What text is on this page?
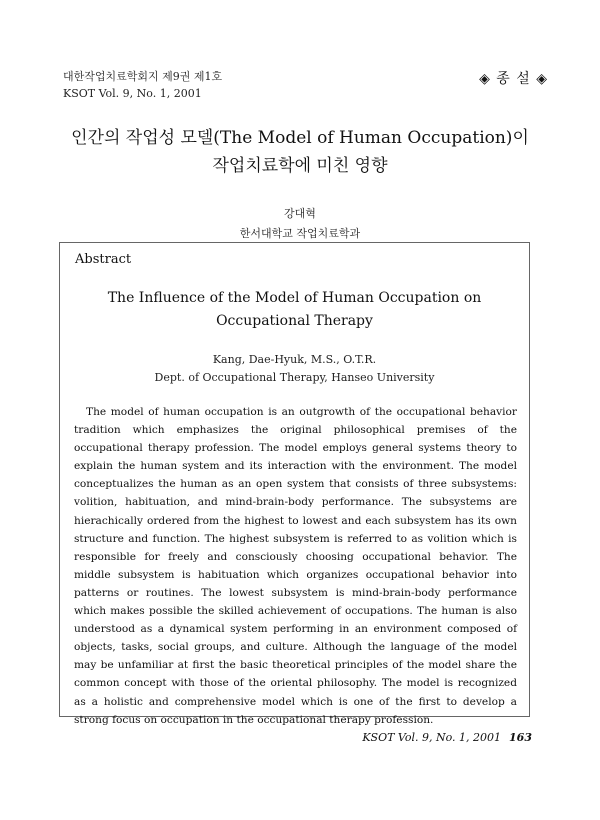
대한작업치료학회지 제9권 제1호
KSOT Vol. 9, No. 1, 2001
◈ 종 설 ◈
인간의 작업성 모델(The Model of Human Occupation)이
작업치료학에 미친 영향
강대혁
한서대학교 작업치료학과
Abstract
The Influence of the Model of Human Occupation on
Occupational Therapy
Kang, Dae-Hyuk, M.S., O.T.R.
Dept. of Occupational Therapy, Hanseo University

The model of human occupation is an outgrowth of the occupational behavior tradition which emphasizes the original philosophical premises of the occupational therapy profession. The model employs general systems theory to explain the human system and its interaction with the environment. The model conceptualizes the human as an open system that consists of three subsystems: volition, habituation, and mind-brain-body performance. The subsystems are hierachically ordered from the highest to lowest and each subsystem has its own structure and function. The highest subsystem is referred to as volition which is responsible for freely and consciously choosing occupational behavior. The middle subsystem is habituation which organizes occupational behavior into patterns or routines. The lowest subsystem is mind-brain-body performance which makes possible the skilled achievement of occupations. The human is also understood as a dynamical system performing in an environment composed of objects, tasks, social groups, and culture. Although the language of the model may be unfamiliar at first the basic theoretical principles of the model share the common concept with those of the oriental philosophy. The model is recognized as a holistic and comprehensive model which is one of the first to develop a strong focus on occupation in the occupational therapy profession.

KSOT Vol. 9, No. 1, 2001 163
